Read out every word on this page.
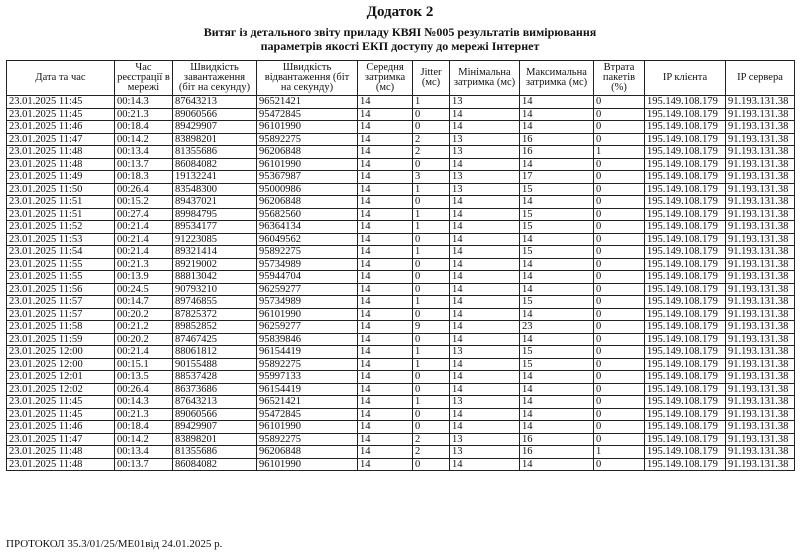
Додаток 2
Витяг із детального звіту приладу КВЯІ №005 результатів вимірювання
параметрів якості ЕКП доступу до мережі Інтернет
Дата та час	Час реєстрації в мережі	Швидкість завантаження (біт на секунду)	Швидкість відвантаження (біт на секунду)	Середня затримка (мс)	Jitter (мс)	Мінімальна затримка (мс)	Максимальна затримка (мс)	Втрата пакетів (%)	IP клієнта	IP сервера
23.01.2025 11:45	00:14.3	87643213	96521421	14	1	13	14	0	195.149.108.179	91.193.131.38
23.01.2025 11:45	00:21.3	89060566	95472845	14	0	14	14	0	195.149.108.179	91.193.131.38
23.01.2025 11:46	00:18.4	89429907	96101990	14	0	14	14	0	195.149.108.179	91.193.131.38
23.01.2025 11:47	00:14.2	83898201	95892275	14	2	13	16	0	195.149.108.179	91.193.131.38
23.01.2025 11:48	00:13.4	81355686	96206848	14	2	13	16	1	195.149.108.179	91.193.131.38
23.01.2025 11:48	00:13.7	86084082	96101990	14	0	14	14	0	195.149.108.179	91.193.131.38
23.01.2025 11:49	00:18.3	19132241	95367987	14	3	13	17	0	195.149.108.179	91.193.131.38
23.01.2025 11:50	00:26.4	83548300	95000986	14	1	13	15	0	195.149.108.179	91.193.131.38
23.01.2025 11:51	00:15.2	89437021	96206848	14	0	14	14	0	195.149.108.179	91.193.131.38
23.01.2025 11:51	00:27.4	89984795	95682560	14	1	14	15	0	195.149.108.179	91.193.131.38
23.01.2025 11:52	00:21.4	89534177	96364134	14	1	14	15	0	195.149.108.179	91.193.131.38
23.01.2025 11:53	00:21.4	91223085	96049562	14	0	14	14	0	195.149.108.179	91.193.131.38
23.01.2025 11:54	00:21.4	89321414	95892275	14	1	14	15	0	195.149.108.179	91.193.131.38
23.01.2025 11:55	00:21.3	89219002	95734989	14	0	14	14	0	195.149.108.179	91.193.131.38
23.01.2025 11:55	00:13.9	88813042	95944704	14	0	14	14	0	195.149.108.179	91.193.131.38
23.01.2025 11:56	00:24.5	90793210	96259277	14	0	14	14	0	195.149.108.179	91.193.131.38
23.01.2025 11:57	00:14.7	89746855	95734989	14	1	14	15	0	195.149.108.179	91.193.131.38
23.01.2025 11:57	00:20.2	87825372	96101990	14	0	14	14	0	195.149.108.179	91.193.131.38
23.01.2025 11:58	00:21.2	89852852	96259277	14	9	14	23	0	195.149.108.179	91.193.131.38
23.01.2025 11:59	00:20.2	87467425	95839846	14	0	14	14	0	195.149.108.179	91.193.131.38
23.01.2025 12:00	00:21.4	88061812	96154419	14	1	13	15	0	195.149.108.179	91.193.131.38
23.01.2025 12:00	00:15.1	90155488	95892275	14	1	14	15	0	195.149.108.179	91.193.131.38
23.01.2025 12:01	00:13.5	88537428	95997133	14	0	14	14	0	195.149.108.179	91.193.131.38
23.01.2025 12:02	00:26.4	86373686	96154419	14	0	14	14	0	195.149.108.179	91.193.131.38
23.01.2025 11:45	00:14.3	87643213	96521421	14	1	13	14	0	195.149.108.179	91.193.131.38
23.01.2025 11:45	00:21.3	89060566	95472845	14	0	14	14	0	195.149.108.179	91.193.131.38
23.01.2025 11:46	00:18.4	89429907	96101990	14	0	14	14	0	195.149.108.179	91.193.131.38
23.01.2025 11:47	00:14.2	83898201	95892275	14	2	13	16	0	195.149.108.179	91.193.131.38
23.01.2025 11:48	00:13.4	81355686	96206848	14	2	13	16	1	195.149.108.179	91.193.131.38
23.01.2025 11:48	00:13.7	86084082	96101990	14	0	14	14	0	195.149.108.179	91.193.131.38
ПРОТОКОЛ 35.3/01/25/МЕ01від 24.01.2025 р.
